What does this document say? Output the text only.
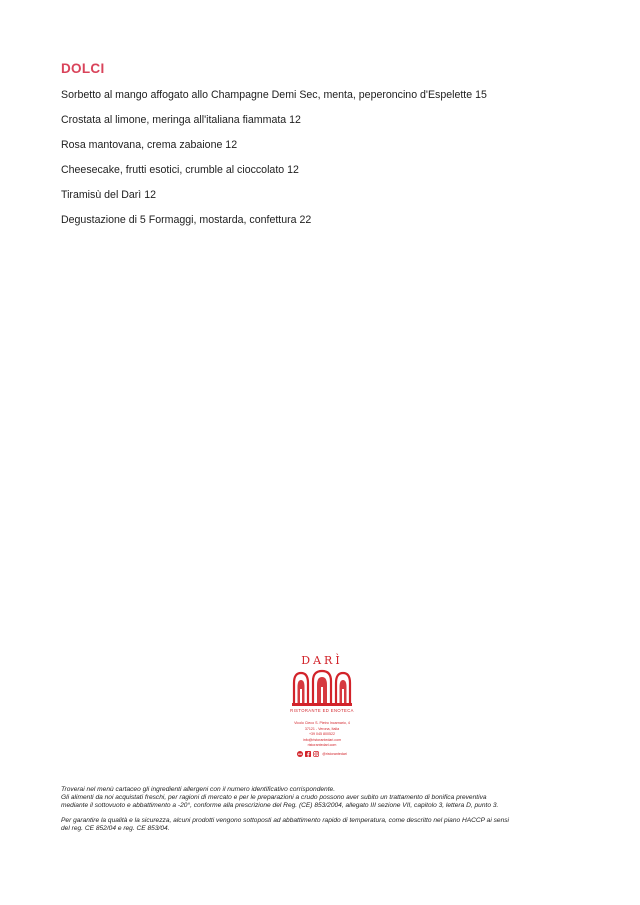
DOLCI
Sorbetto al mango affogato allo Champagne Demi Sec, menta, peperoncino d'Espelette 15
Crostata al limone, meringa all'italiana fiammata 12
Rosa mantovana, crema zabaione 12
Cheesecake, frutti esotici, crumble al cioccolato 12
Tiramisù del Darì 12
Degustazione di 5 Formaggi, mostarda, confettura 22
DARÌ
RISTORANTE ED ENOTECA
Vicolo Cieco S. Pietro Incarnario, 4
37121 - Verona, Italia
+39 045 800522
info@ristorantedari.com
ristorantedari.com
@ristorantedari

Troverai nel menù cartaceo gli ingredienti allergeni con il numero identificativo corrispondente.
Gli alimenti da noi acquistati freschi, per ragioni di mercato e per le preparazioni a crudo possono aver subito un trattamento di bonifica preventiva
mediante il sottovuoto e abbattimento a -20°, conforme alla prescrizione del Reg. (CE) 853/2004, allegato III sezione VII, capitolo 3, lettera D, punto 3.

Per garantire la qualità e la sicurezza, alcuni prodotti vengono sottoposti ad abbattimento rapido di temperatura, come descritto nel piano HACCP ai sensi
del reg. CE 852/04 e reg. CE 853/04.
